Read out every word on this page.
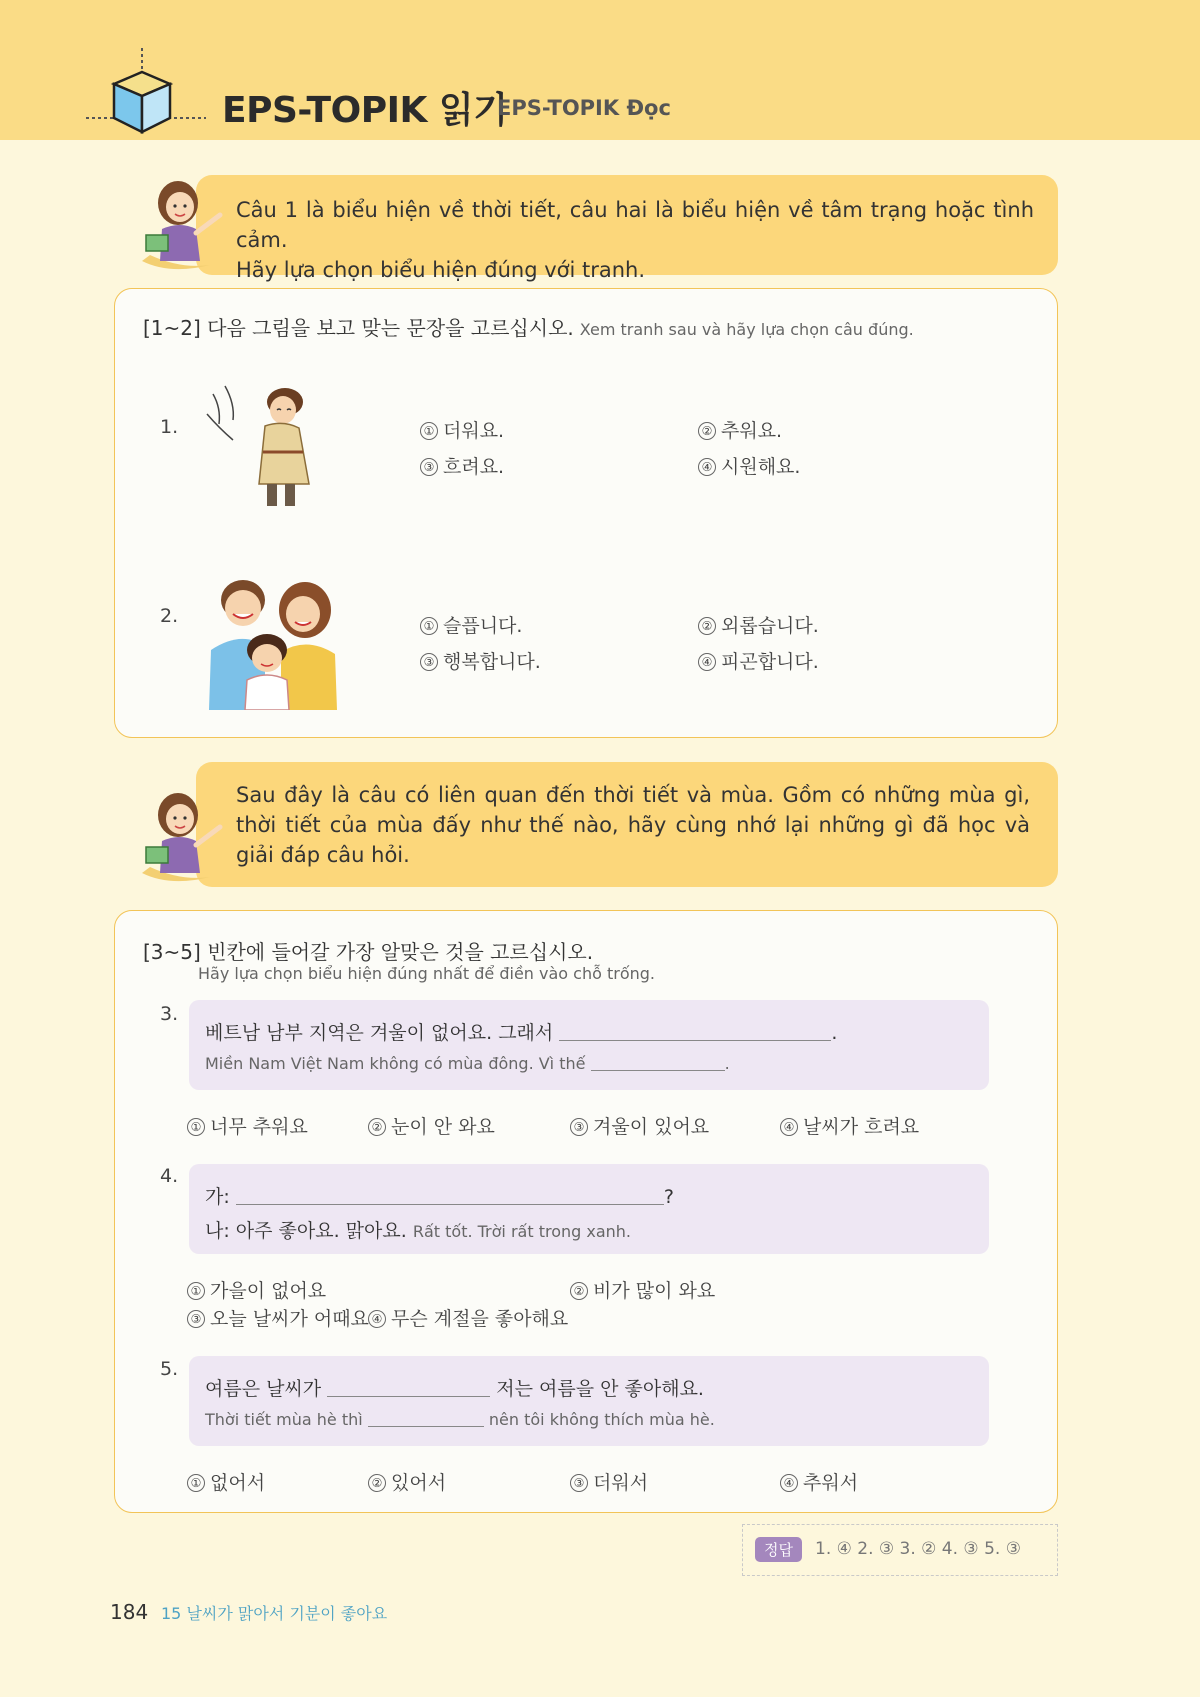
EPS-TOPIK 읽기
EPS-TOPIK Đọc

Câu 1 là biểu hiện về thời tiết, câu hai là biểu hiện về tâm trạng hoặc tình cảm.

Hãy lựa chọn biểu hiện đúng với tranh.

[1~2] 다음 그림을 보고 맞는 문장을 고르십시오. Xem tranh sau và hãy lựa chọn câu đúng.
1.	① 더워요.	② 추워요.
③ 흐려요.	④ 시원해요.
2.	① 슬픕니다.	② 외롭습니다.
③ 행복합니다.	④ 피곤합니다.

Sau đây là câu có liên quan đến thời tiết và mùa. Gồm có những mùa gì, thời tiết của mùa đấy như thế nào, hãy cùng nhớ lại những gì đã học và giải đáp câu hỏi.

[3~5] 빈칸에 들어갈 가장 알맞은 것을 고르십시오.
Hãy lựa chọn biểu hiện đúng nhất để điền vào chỗ trống.
3.
베트남 남부 지역은 겨울이 없어요. 그래서	.
Miền Nam Việt Nam không có mùa đông. Vì thế	.
① 너무 추워요	② 눈이 안 와요	③ 겨울이 있어요	④ 날씨가 흐려요
4.
가:	?
나: 아주 좋아요. 맑아요. Rất tốt. Trời rất trong xanh.
① 가을이 없어요	② 비가 많이 와요
③ 오늘 날씨가 어때요 ④ 무슨 계절을 좋아해요
5.
여름은 날씨가	저는 여름을 안 좋아해요.
Thời tiết mùa hè thì	nên tôi không thích mùa hè.
① 없어서	② 있어서	③ 더워서	④ 추워서
정답	1. ④ 2. ③ 3. ② 4. ③ 5. ③
184 15 날씨가 맑아서 기분이 좋아요
